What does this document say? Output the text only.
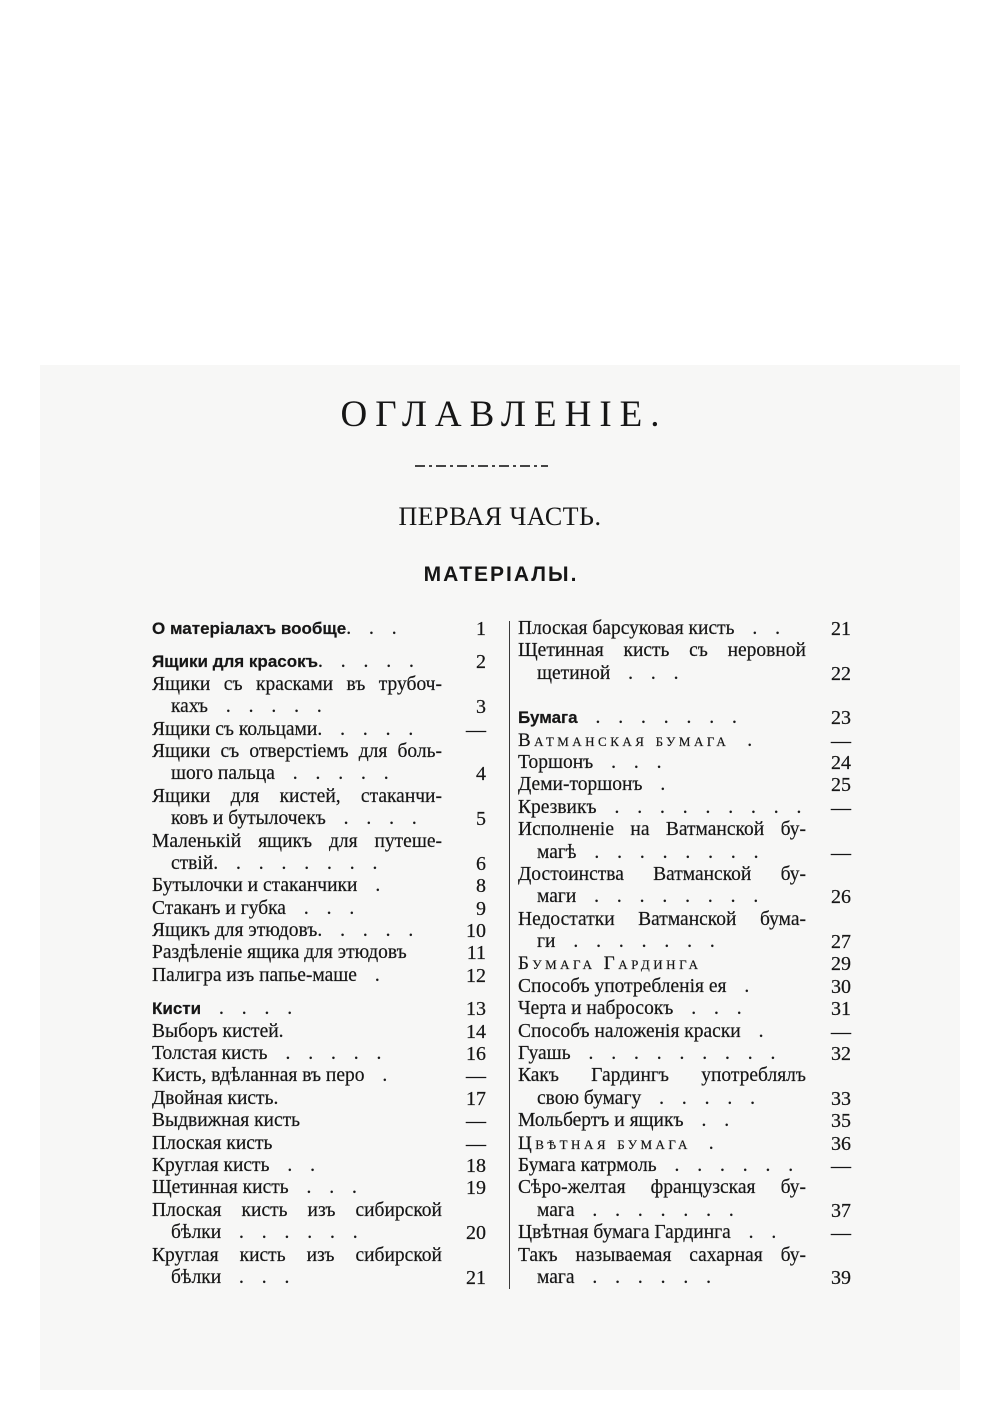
ОГЛАВЛЕНІЕ.
ПЕРВАЯ ЧАСТЬ.
МАТЕРІАЛЫ.
О матеріалахъ вообще. . .	1
Ящики для красокъ. . . . .	2
Ящики съ красками въ трубоч-
кахъ . . . . .	3
Ящики съ кольцами. . . . .	—
Ящики съ отверстіемъ для боль-
шого пальца . . . . .	4
Ящики для кистей, стаканчи-
ковъ и бутылочекъ . . . .	5
Маленькій ящикъ для путеше-
ствій. . . . . . . .	6
Бутылочки и стаканчики .	8
Стаканъ и губка . . .	9
Ящикъ для этюдовъ. . . . .	10
Раздѣленіе ящика для этюдовъ	11
Палигра изъ папье-маше .	12
Кисти . . . .	13
Выборъ кистей.	14
Толстая кисть . . . . .	16
Кисть, вдѣланная въ перо .	—
Двойная кисть.	17
Выдвижная кисть	—
Плоская кисть	—
Круглая кисть . .	18
Щетинная кисть . . .	19
Плоская кисть изъ сибирской
бѣлки . . . . . .	20
Круглая кисть изъ сибирской
бѣлки . . .	21
Плоская барсуковая кисть . .	21
Щетинная кисть съ неровной
щетиной . . .	22
Бумага . . . . . . .	23
Ватманская бумага .	—
Торшонъ . . .	24
Деми-торшонъ .	25
Крезвикъ . . . . . . . . .	—
Исполненіе на Ватманской бу-
магѣ . . . . . . . .	—
Достоинства Ватманской бу-
маги . . . . . . . .	26
Недостатки Ватманской бума-
ги . . . . . . .	27
Бумага Гардинга	29
Способъ употребленія ея .	30
Черта и набросокъ . . .	31
Способъ наложенія краски .	—
Гуашь . . . . . . . . .	32
Какъ Гардингъ употреблялъ
свою бумагу . . . . .	33
Мольбертъ и ящикъ . .	35
Цвѣтная бумага .	36
Бумага катрмоль . . . . . .	—
Сѣро-желтая французская бу-
мага . . . . . . .	37
Цвѣтная бумага Гардинга . .	—
Такъ называемая сахарная бу-
мага . . . . . .	39
